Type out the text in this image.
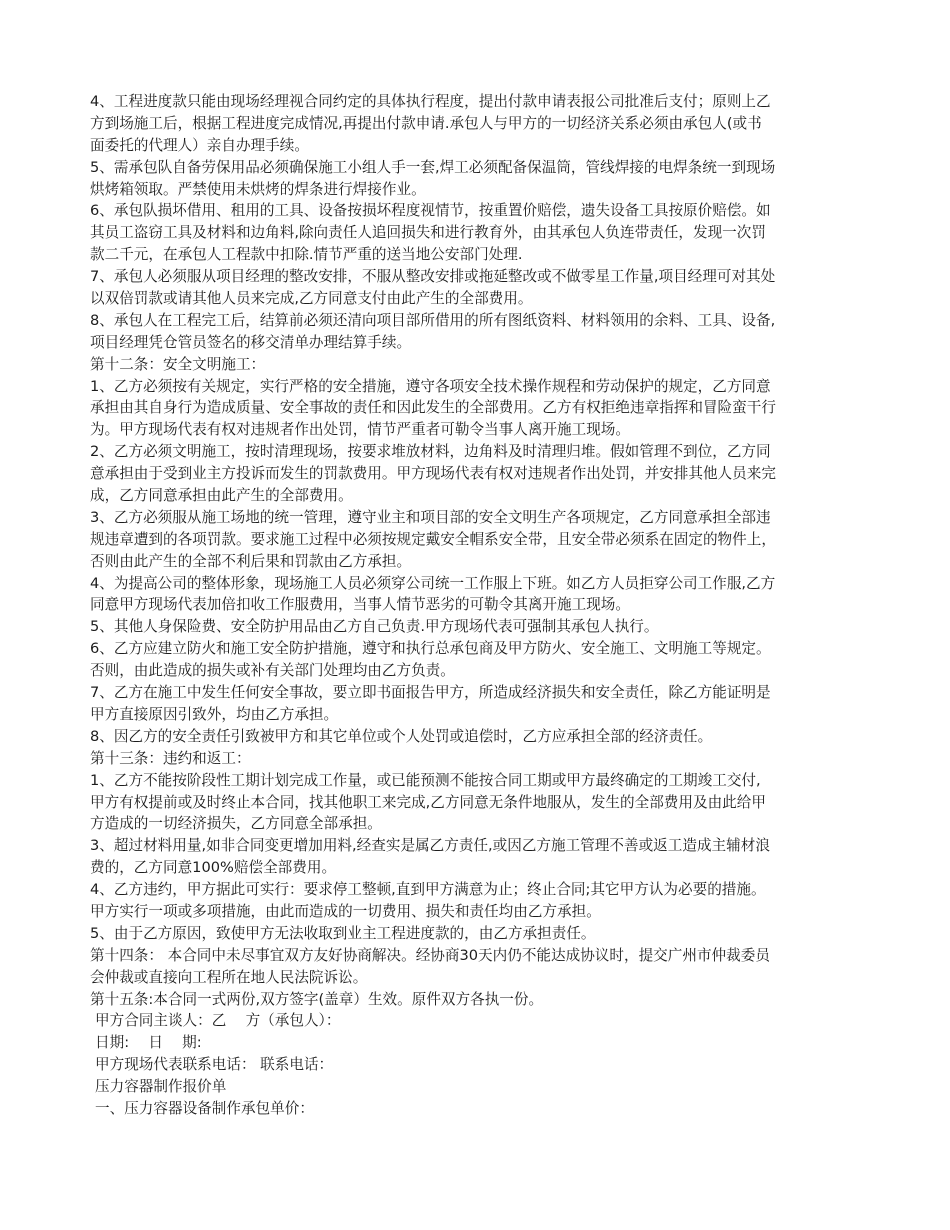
4、工程进度款只能由现场经理视合同约定的具体执行程度，提出付款申请表报公司批准后支付；原则上乙
方到场施工后，根据工程进度完成情况,再提出付款申请.承包人与甲方的一切经济关系必须由承包人(或书
面委托的代理人）亲自办理手续。
5、需承包队自备劳保用品必须确保施工小组人手一套,焊工必须配备保温筒，管线焊接的电焊条统一到现场
烘烤箱领取。严禁使用未烘烤的焊条进行焊接作业。
6、承包队损坏借用、租用的工具、设备按损坏程度视情节，按重置价赔偿，遗失设备工具按原价赔偿。如
其员工盗窃工具及材料和边角料,除向责任人追回损失和进行教育外，由其承包人负连带责任，发现一次罚
款二千元，在承包人工程款中扣除.情节严重的送当地公安部门处理.
7、承包人必须服从项目经理的整改安排，不服从整改安排或拖延整改或不做零星工作量,项目经理可对其处
以双倍罚款或请其他人员来完成,乙方同意支付由此产生的全部费用。
8、承包人在工程完工后，结算前必须还清向项目部所借用的所有图纸资料、材料领用的余料、工具、设备,
项目经理凭仓管员签名的移交清单办理结算手续。
第十二条：安全文明施工：
1、乙方必须按有关规定，实行严格的安全措施，遵守各项安全技术操作规程和劳动保护的规定，乙方同意
承担由其自身行为造成质量、安全事故的责任和因此发生的全部费用。乙方有权拒绝违章指挥和冒险蛮干行
为。甲方现场代表有权对违规者作出处罚，情节严重者可勒令当事人离开施工现场。
2、乙方必须文明施工，按时清理现场，按要求堆放材料，边角料及时清理归堆。假如管理不到位，乙方同
意承担由于受到业主方投诉而发生的罚款费用。甲方现场代表有权对违规者作出处罚，并安排其他人员来完
成，乙方同意承担由此产生的全部费用。
3、乙方必须服从施工场地的统一管理，遵守业主和项目部的安全文明生产各项规定，乙方同意承担全部违
规违章遭到的各项罚款。要求施工过程中必须按规定戴安全帽系安全带，且安全带必须系在固定的物件上，
否则由此产生的全部不利后果和罚款由乙方承担。
4、为提高公司的整体形象，现场施工人员必须穿公司统一工作服上下班。如乙方人员拒穿公司工作服,乙方
同意甲方现场代表加倍扣收工作服费用，当事人情节恶劣的可勒令其离开施工现场。
5、其他人身保险费、安全防护用品由乙方自己负责.甲方现场代表可强制其承包人执行。
6、乙方应建立防火和施工安全防护措施，遵守和执行总承包商及甲方防火、安全施工、文明施工等规定。
否则，由此造成的损失或补有关部门处理均由乙方负责。
7、乙方在施工中发生任何安全事故，要立即书面报告甲方，所造成经济损失和安全责任，除乙方能证明是
甲方直接原因引致外，均由乙方承担。
8、因乙方的安全责任引致被甲方和其它单位或个人处罚或追偿时，乙方应承担全部的经济责任。
第十三条：违约和返工：
1、乙方不能按阶段性工期计划完成工作量，或已能预测不能按合同工期或甲方最终确定的工期竣工交付,
甲方有权提前或及时终止本合同，找其他职工来完成,乙方同意无条件地服从，发生的全部费用及由此给甲
方造成的一切经济损失，乙方同意全部承担。
3、超过材料用量,如非合同变更增加用料,经查实是属乙方责任,或因乙方施工管理不善或返工造成主辅材浪
费的，乙方同意100%赔偿全部费用。
4、乙方违约，甲方据此可实行：要求停工整顿,直到甲方满意为止；终止合同;其它甲方认为必要的措施。
甲方实行一项或多项措施，由此而造成的一切费用、损失和责任均由乙方承担。
5、由于乙方原因，致使甲方无法收取到业主工程进度款的，由乙方承担责任。
第十四条： 本合同中未尽事宜双方友好协商解决。经协商30天内仍不能达成协议时，提交广州市仲裁委员
会仲裁或直接向工程所在地人民法院诉讼。
第十五条:本合同一式两份,双方签字(盖章）生效。原件双方各执一份。
甲方合同主谈人：乙　 方（承包人）：
日期:　 日　 期:
甲方现场代表联系电话： 联系电话：
压力容器制作报价单
一、压力容器设备制作承包单价：
